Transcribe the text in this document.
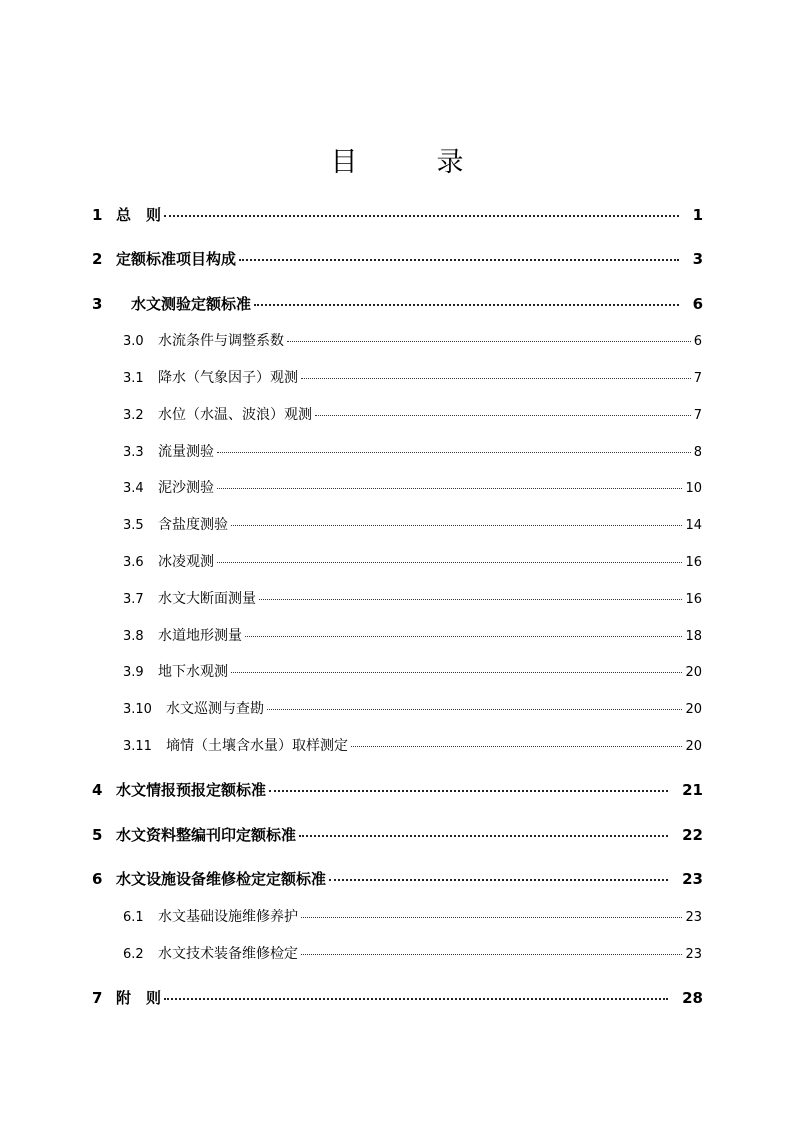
目　录
1 总　则	1
2 定额标准项目构成	3
3 　水文测验定额标准	6
3.0	水流条件与调整系数	6
3.1	降水（气象因子）观测	7
3.2	水位（水温、波浪）观测	7
3.3	流量测验	8
3.4	泥沙测验	10
3.5	含盐度测验	14
3.6	冰凌观测	16
3.7	水文大断面测量	16
3.8	水道地形测量	18
3.9	地下水观测	20
3.10	水文巡测与查勘	20
3.11	墒情（土壤含水量）取样测定	20
4 水文情报预报定额标准	21
5 水文资料整编刊印定额标准	22
6 水文设施设备维修检定定额标准	23
6.1	水文基础设施维修养护	23
6.2	水文技术装备维修检定	23
7 附　则	28
